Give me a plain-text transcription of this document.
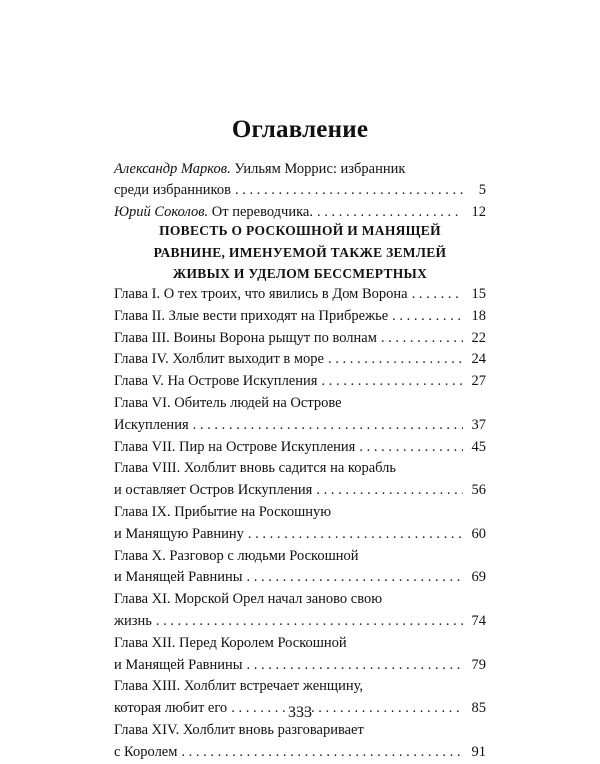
Оглавление
Александр Марков.
Уильям Моррис: избранник
среди избранников . . .	5
Юрий Соколов. От переводчика. . . .	12
ПОВЕСТЬ О РОСКОШНОЙ И МАНЯЩЕЙ
РАВНИНЕ, ИМЕНУЕМОЙ ТАКЖЕ ЗЕМЛЕЙ
ЖИВЫХ И УДЕЛОМ БЕССМЕРТНЫХ
Глава I. О тех троих, что явились в Дом Ворона . . .	15
Глава II. Злые вести приходят на Прибрежье . . .	18
Глава III. Воины Ворона рыщут по волнам . . .	22
Глава IV. Холблит выходит в море . . .	24
Глава V. На Острове Искупления . . .	27
Глава VI. Обитель людей на Острове
Искупления . . .	37
Глава VII. Пир на Острове Искупления . . .	45
Глава VIII. Холблит вновь садится на корабль
и оставляет Остров Искупления . . .	56
Глава IX. Прибытие на Роскошную
и Манящую Равнину . . .	60
Глава X. Разговор с людьми Роскошной
и Манящей Равнины . . .	69
Глава XI. Морской Орел начал заново свою
жизнь . . .	74
Глава XII. Перед Королем Роскошной
и Манящей Равнины . . .	79
Глава XIII. Холблит встречает женщину,
которая любит его . . .	85
Глава XIV. Холблит вновь разговаривает
с Королем . . .	91
333
